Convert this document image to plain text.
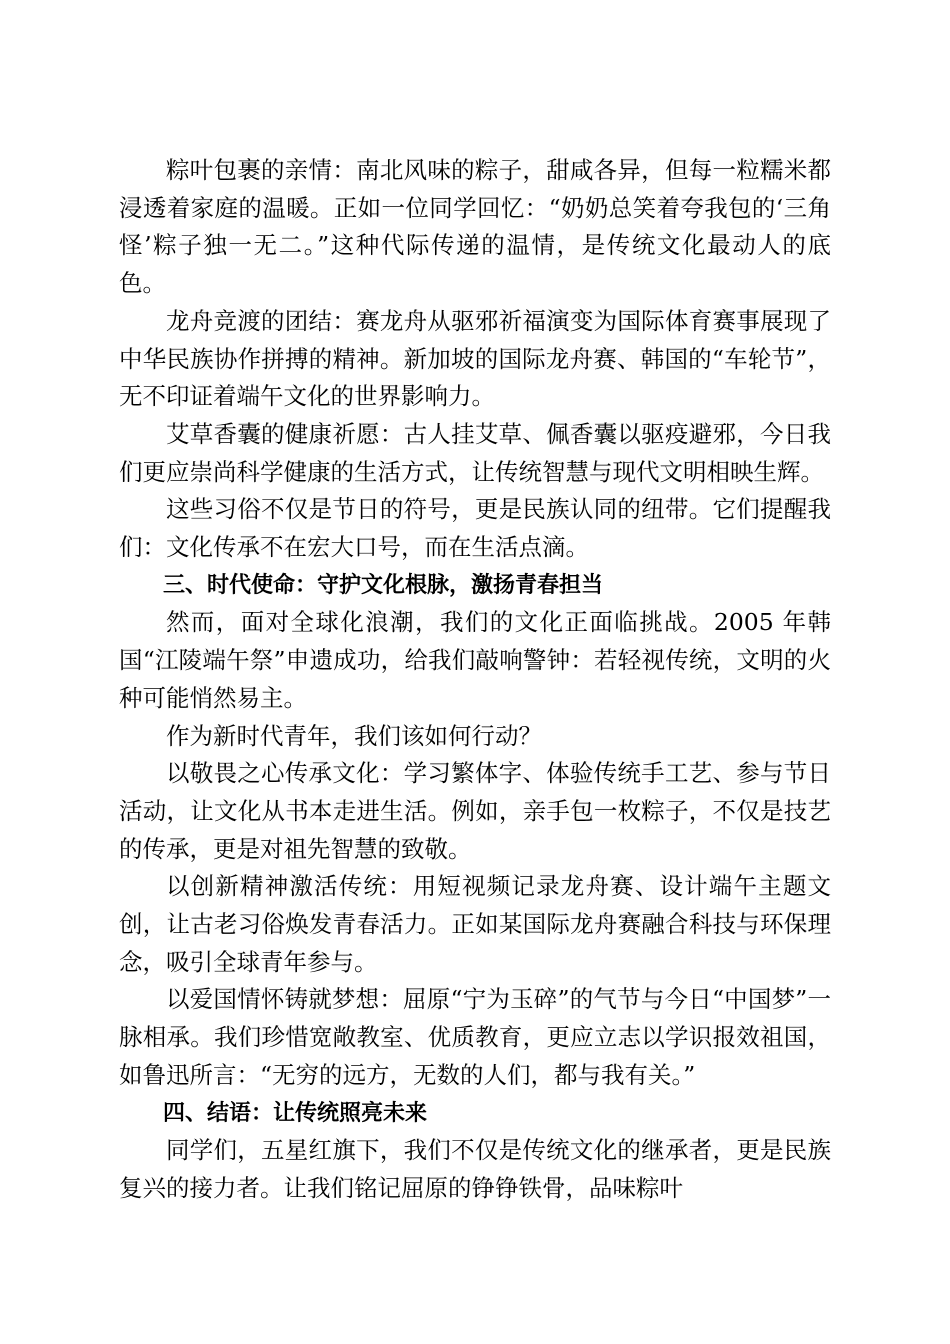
粽叶包裹的亲情：南北风味的粽子，甜咸各异，但每一粒糯米都浸透着家庭的温暖。正如一位同学回忆：“奶奶总笑着夸我包的‘三角怪’粽子独一无二。”这种代际传递的温情，是传统文化最动人的底色。

龙舟竞渡的团结：赛龙舟从驱邪祈福演变为国际体育赛事展现了中华民族协作拼搏的精神。新加坡的国际龙舟赛、韩国的“车轮节”，无不印证着端午文化的世界影响力。

艾草香囊的健康祈愿：古人挂艾草、佩香囊以驱疫避邪，今日我们更应崇尚科学健康的生活方式，让传统智慧与现代文明相映生辉。

这些习俗不仅是节日的符号，更是民族认同的纽带。它们提醒我们：文化传承不在宏大口号，而在生活点滴。

三、时代使命：守护文化根脉，激扬青春担当

然而，面对全球化浪潮，我们的文化正面临挑战。2005 年韩国“江陵端午祭”申遗成功，给我们敲响警钟：若轻视传统，文明的火种可能悄然易主。

作为新时代青年，我们该如何行动？

以敬畏之心传承文化：学习繁体字、体验传统手工艺、参与节日活动，让文化从书本走进生活。例如，亲手包一枚粽子，不仅是技艺的传承，更是对祖先智慧的致敬。

以创新精神激活传统：用短视频记录龙舟赛、设计端午主题文创，让古老习俗焕发青春活力。正如某国际龙舟赛融合科技与环保理念，吸引全球青年参与。

以爱国情怀铸就梦想：屈原“宁为玉碎”的气节与今日“中国梦”一脉相承。我们珍惜宽敞教室、优质教育，更应立志以学识报效祖国，如鲁迅所言：“无穷的远方，无数的人们，都与我有关。”

四、结语：让传统照亮未来

同学们，五星红旗下，我们不仅是传统文化的继承者，更是民族复兴的接力者。让我们铭记屈原的铮铮铁骨，品味粽叶
